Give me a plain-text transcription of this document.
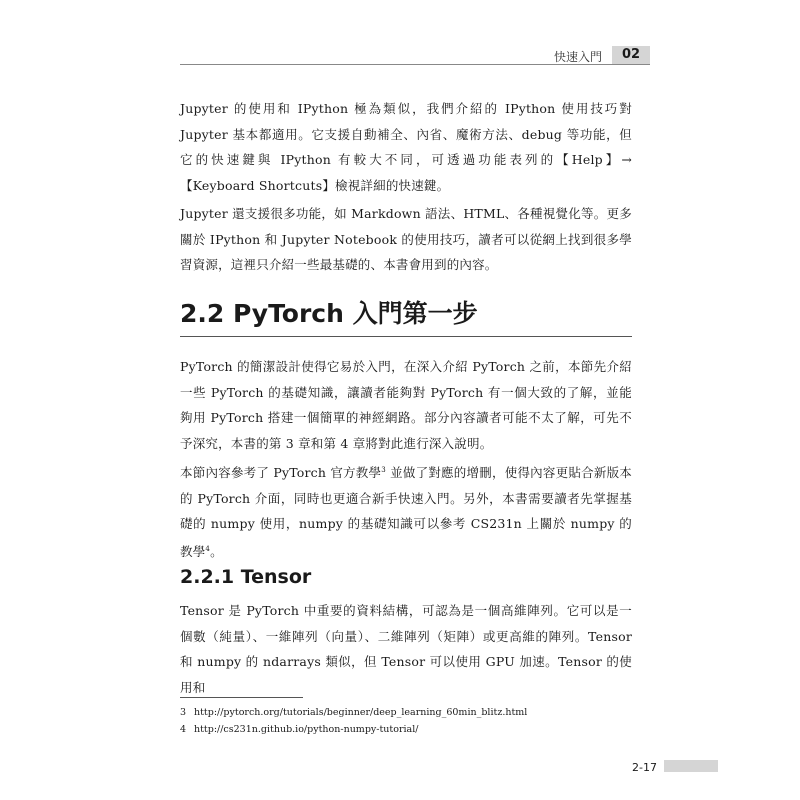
快速入門	02

Jupyter 的使用和 IPython 極為類似，我們介紹的 IPython 使用技巧對 Jupyter 基本都適用。它支援自動補全、內省、魔術方法、debug 等功能，但它的快速鍵與 IPython 有較大不同，可透過功能表列的【Help】→【Keyboard Shortcuts】檢視詳細的快速鍵。

Jupyter 還支援很多功能，如 Markdown 語法、HTML、各種視覺化等。更多關於 IPython 和 Jupyter Notebook 的使用技巧，讀者可以從網上找到很多學習資源，這裡只介紹一些最基礎的、本書會用到的內容。

2.2 PyTorch 入門第一步

PyTorch 的簡潔設計使得它易於入門，在深入介紹 PyTorch 之前，本節先介紹一些 PyTorch 的基礎知識，讓讀者能夠對 PyTorch 有一個大致的了解，並能夠用 PyTorch 搭建一個簡單的神經網路。部分內容讀者可能不太了解，可先不予深究，本書的第 3 章和第 4 章將對此進行深入說明。

本節內容參考了 PyTorch 官方教學$^3$ 並做了對應的增刪，使得內容更貼合新版本的 PyTorch 介面，同時也更適合新手快速入門。另外，本書需要讀者先掌握基礎的 numpy 使用，numpy 的基礎知識可以參考 CS231n 上關於 numpy 的教學$^4$。

2.2.1 Tensor

Tensor 是 PyTorch 中重要的資料結構，可認為是一個高維陣列。它可以是一個數（純量）、一維陣列（向量）、二維陣列（矩陣）或更高維的陣列。Tensor 和 numpy 的 ndarrays 類似，但 Tensor 可以使用 GPU 加速。Tensor 的使用和

3 http://pytorch.org/tutorials/beginner/deep_learning_60min_blitz.html
4 http://cs231n.github.io/python-numpy-tutorial/
2-17
